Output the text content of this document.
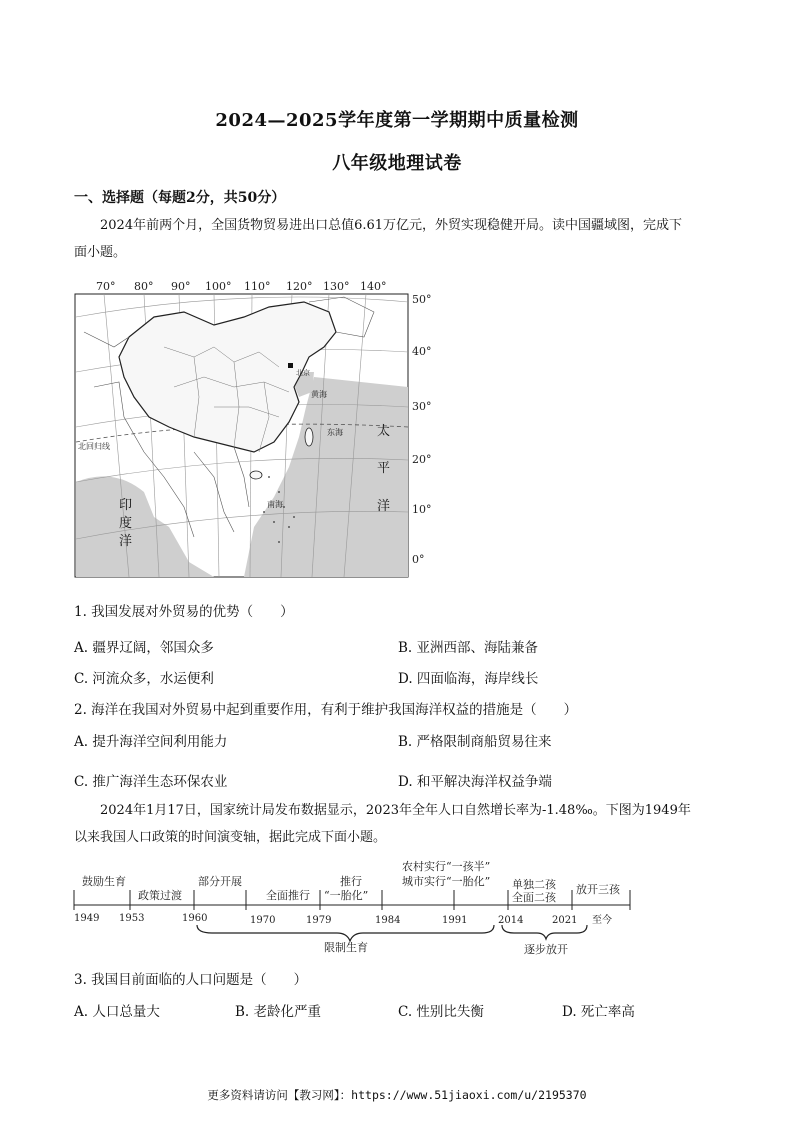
2024—2025学年度第一学期期中质量检测
八年级地理试卷
一、选择题（每题2分，共50分）
2024年前两个月，全国货物贸易进出口总值6.61万亿元，外贸实现稳健开局。读中国疆域图，完成下
面小题。
70° 80° 90° 100° 110° 120° 130° 140°
北回归线
北京
黄海
东海
南海
太
平
洋
印
度
洋
50°
40°
30°
20°
10°
0°
1. 我国发展对外贸易的优势（　　）
A. 疆界辽阔，邻国众多	B. 亚洲西部、海陆兼备
C. 河流众多，水运便利	D. 四面临海，海岸线长
2. 海洋在我国对外贸易中起到重要作用，有利于维护我国海洋权益的措施是（　　）
A. 提升海洋空间利用能力	B. 严格限制商船贸易往来
C. 推广海洋生态环保农业	D. 和平解决海洋权益争端
2024年1月17日，国家统计局发布数据显示，2023年全年人口自然增长率为-1.48‰。下图为1949年
以来我国人口政策的时间演变轴，据此完成下面小题。
1949 1953	1960	1970	1979	1984	1991	2014	2021 至今
鼓励生育
政策过渡
部分开展
全面推行
推行
“一胎化”
农村实行“一孩半”
城市实行“一胎化” 单独二孩
全面二孩
放开三孩
限制生育	逐步放开
3. 我国目前面临的人口问题是（　　）
A. 人口总量大	B. 老龄化严重	C. 性别比失衡	D. 死亡率高
更多资料请访问【教习网】：https://www.51jiaoxi.com/u/2195370
